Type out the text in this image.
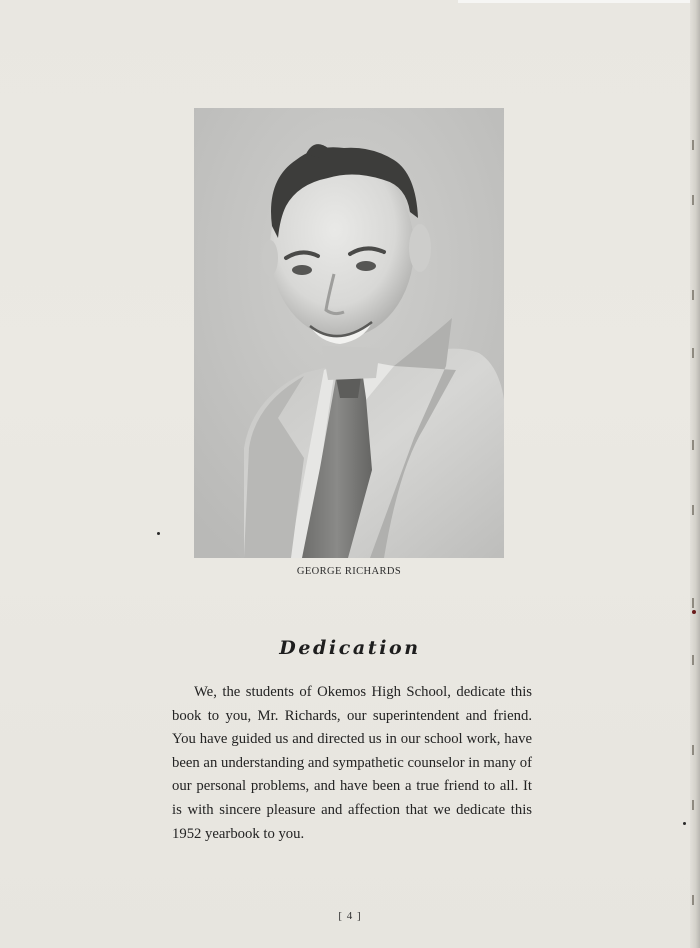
GEORGE RICHARDS
Dedication

We, the students of Okemos High School, dedicate this book to you, Mr. Richards, our superintendent and friend. You have guided us and directed us in our school work, have been an understanding and sympathetic counselor in many of our personal problems, and have been a true friend to all. It is with sincere pleasure and affection that we dedicate this 1952 yearbook to you.

[ 4 ]
